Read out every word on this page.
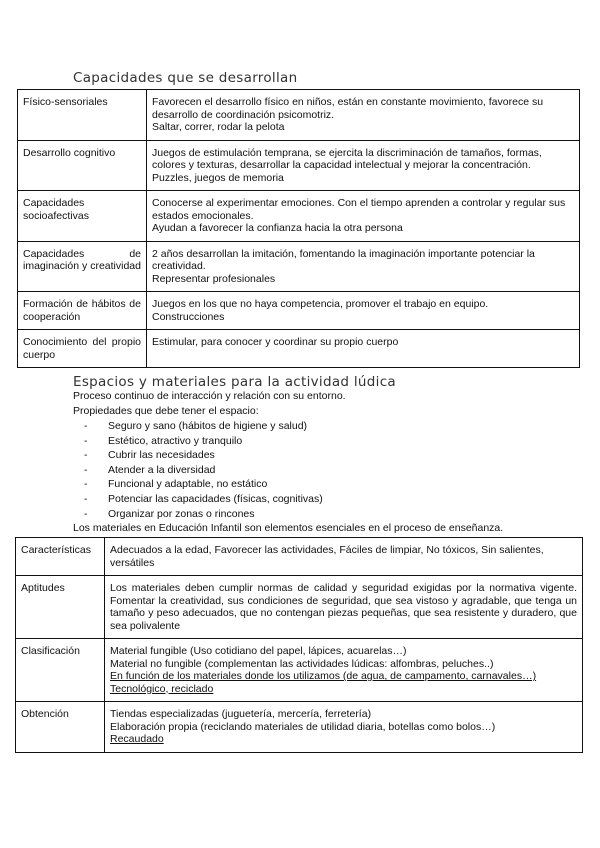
Capacidades que se desarrollan
Físico-sensoriales	Favorecen el desarrollo físico en niños, están en constante movimiento, favorece su desarrollo de coordinación psicomotriz.
Saltar, correr, rodar la pelota

Desarrollo cognitivo	Juegos de estimulación temprana, se ejercita la discriminación de tamaños, formas, colores y texturas, desarrollar la capacidad intelectual y mejorar la concentración.
Puzzles, juegos de memoria

Capacidades socioafectivas	Conocerse al experimentar emociones. Con el tiempo aprenden a controlar y regular sus estados emocionales.
Ayudan a favorecer la confianza hacia la otra persona

Capacidades de imaginación y creatividad	2 años desarrollan la imitación, fomentando la imaginación importante potenciar la creatividad.
Representar profesionales

Formación de hábitos de cooperación	Juegos en los que no haya competencia, promover el trabajo en equipo.
Construcciones

Conocimiento del propio cuerpo	Estimular, para conocer y coordinar su propio cuerpo
Espacios y materiales para la actividad lúdica
Proceso continuo de interacción y relación con su entorno.
Propiedades que debe tener el espacio:
- Seguro y sano (hábitos de higiene y salud)
- Estético, atractivo y tranquilo
- Cubrir las necesidades
- Atender a la diversidad
- Funcional y adaptable, no estático
- Potenciar las capacidades (físicas, cognitivas)
- Organizar por zonas o rincones
Los materiales en Educación Infantil son elementos esenciales en el proceso de enseñanza.
Características	Adecuados a la edad, Favorecer las actividades, Fáciles de limpiar, No tóxicos, Sin salientes, versátiles

Aptitudes	Los materiales deben cumplir normas de calidad y seguridad exigidas por la normativa vigente. Fomentar la creatividad, sus condiciones de seguridad, que sea vistoso y agradable, que tenga un tamaño y peso adecuados, que no contengan piezas pequeñas, que sea resistente y duradero, que sea polivalente

Clasificación	Material fungible (Uso cotidiano del papel, lápices, acuarelas…)
Material no fungible (complementan las actividades lúdicas: alfombras, peluches..)
En función de los materiales donde los utilizamos (de agua, de campamento, carnavales…)
Tecnológico, reciclado

Obtención	Tiendas especializadas (juguetería, mercería, ferretería)
Elaboración propia (reciclando materiales de utilidad diaria, botellas como bolos…)
Recaudado
